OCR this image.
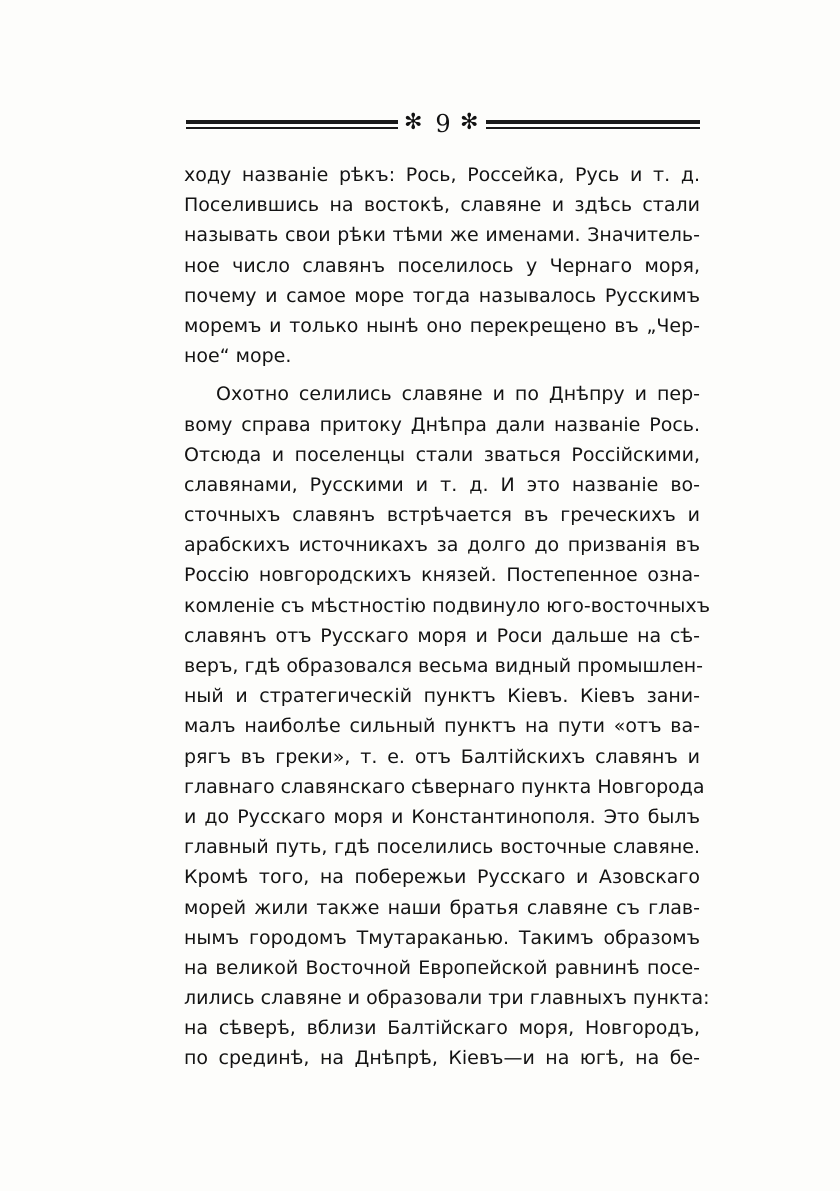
✻ 9 ✻
ходу названіе рѣкъ: Рось, Россейка, Русь и т. д.
Поселившись на востокѣ, славяне и здѣсь стали
называть свои рѣки тѣми же именами. Значитель-
ное число славянъ поселилось у Чернаго моря,
почему и самое море тогда называлось Русскимъ
моремъ и только нынѣ оно перекрещено въ „Чер-
ное“ море.
Охотно селились славяне и по Днѣпру и пер-
вому справа притоку Днѣпра дали названіе Рось.
Отсюда и поселенцы стали зваться Россійскими,
славянами, Русскими и т. д. И это названіе во-
сточныхъ славянъ встрѣчается въ греческихъ и
арабскихъ источникахъ за долго до призванія въ
Россію новгородскихъ князей. Постепенное озна-
комленіе съ мѣстностію подвинуло юго-восточныхъ
славянъ отъ Русскаго моря и Роси дальше на сѣ-
веръ, гдѣ образовался весьма видный промышлен-
ный и стратегическій пунктъ Кіевъ. Кіевъ зани-
малъ наиболѣе сильный пунктъ на пути «отъ ва-
рягъ въ греки», т. е. отъ Балтійскихъ славянъ и
главнаго славянскаго сѣвернаго пункта Новгорода
и до Русскаго моря и Константинополя. Это былъ
главный путь, гдѣ поселились восточные славяне.
Кромѣ того, на побережьи Русскаго и Азовскаго
морей жили также наши братья славяне съ глав-
нымъ городомъ Тмутараканью. Такимъ образомъ
на великой Восточной Европейской равнинѣ посе-
лились славяне и образовали три главныхъ пункта:
на сѣверѣ, вблизи Балтійскаго моря, Новгородъ,
по срединѣ, на Днѣпрѣ, Кіевъ—и на югѣ, на бе-
